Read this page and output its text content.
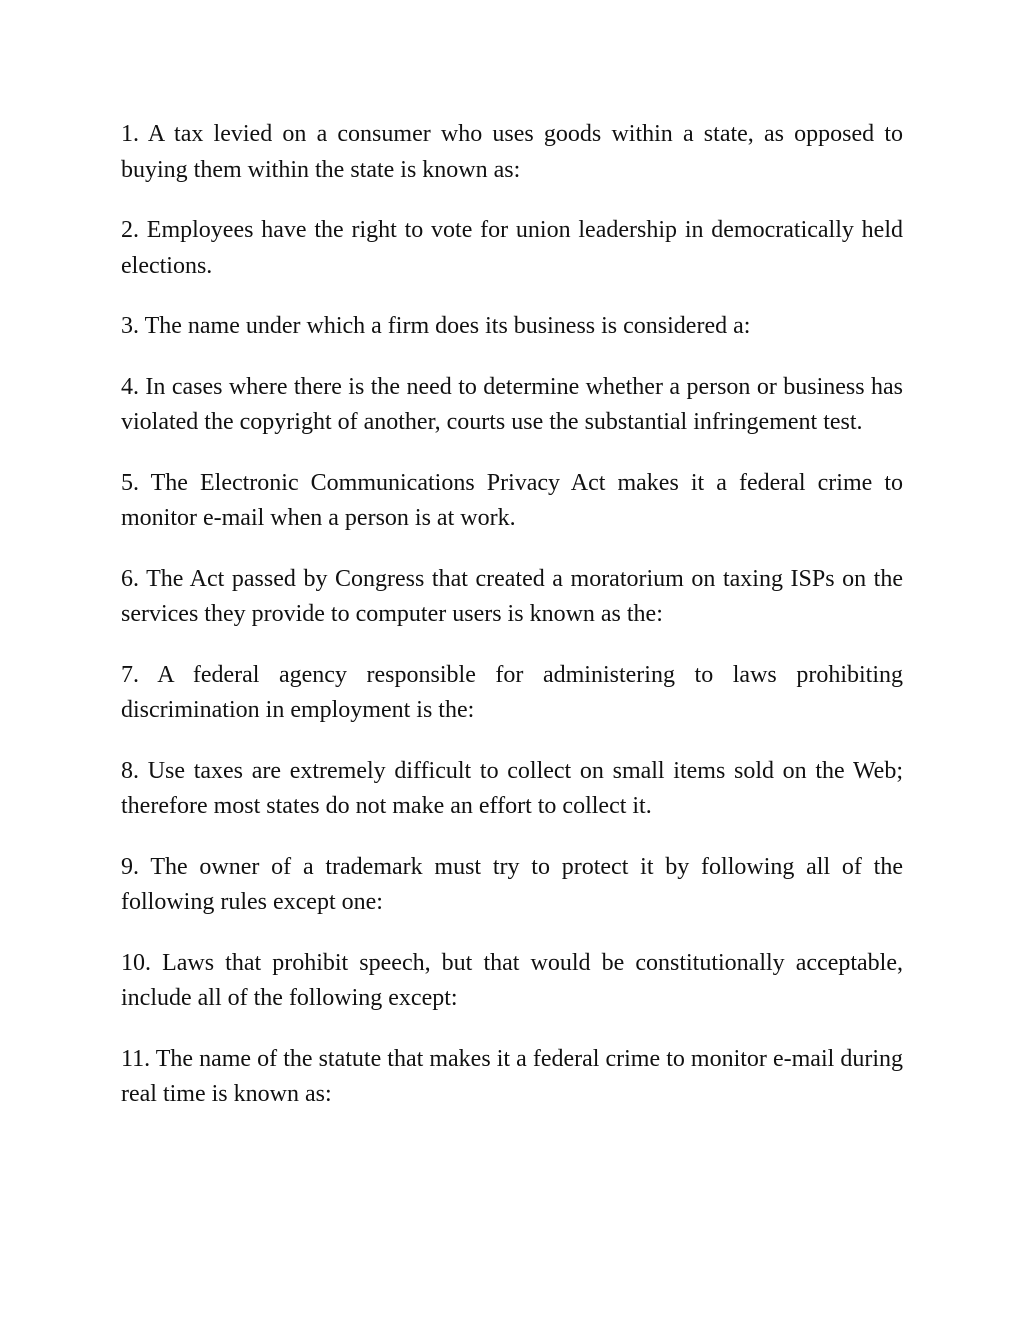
1. A tax levied on a consumer who uses goods within a state, as opposed to buying them within the state is known as:

2. Employees have the right to vote for union leadership in democratically held elections.

3. The name under which a firm does its business is considered a:

4. In cases where there is the need to determine whether a person or business has violated the copyright of another, courts use the substantial infringement test.

5. The Electronic Communications Privacy Act makes it a federal crime to monitor e-mail when a person is at work.

6. The Act passed by Congress that created a moratorium on taxing ISPs on the services they provide to computer users is known as the:

7. A federal agency responsible for administering to laws prohibiting discrimination in employment is the:

8. Use taxes are extremely difficult to collect on small items sold on the Web; therefore most states do not make an effort to collect it.

9. The owner of a trademark must try to protect it by following all of the following rules except one:

10. Laws that prohibit speech, but that would be constitutionally acceptable, include all of the following except:

11. The name of the statute that makes it a federal crime to monitor e-mail during real time is known as:
